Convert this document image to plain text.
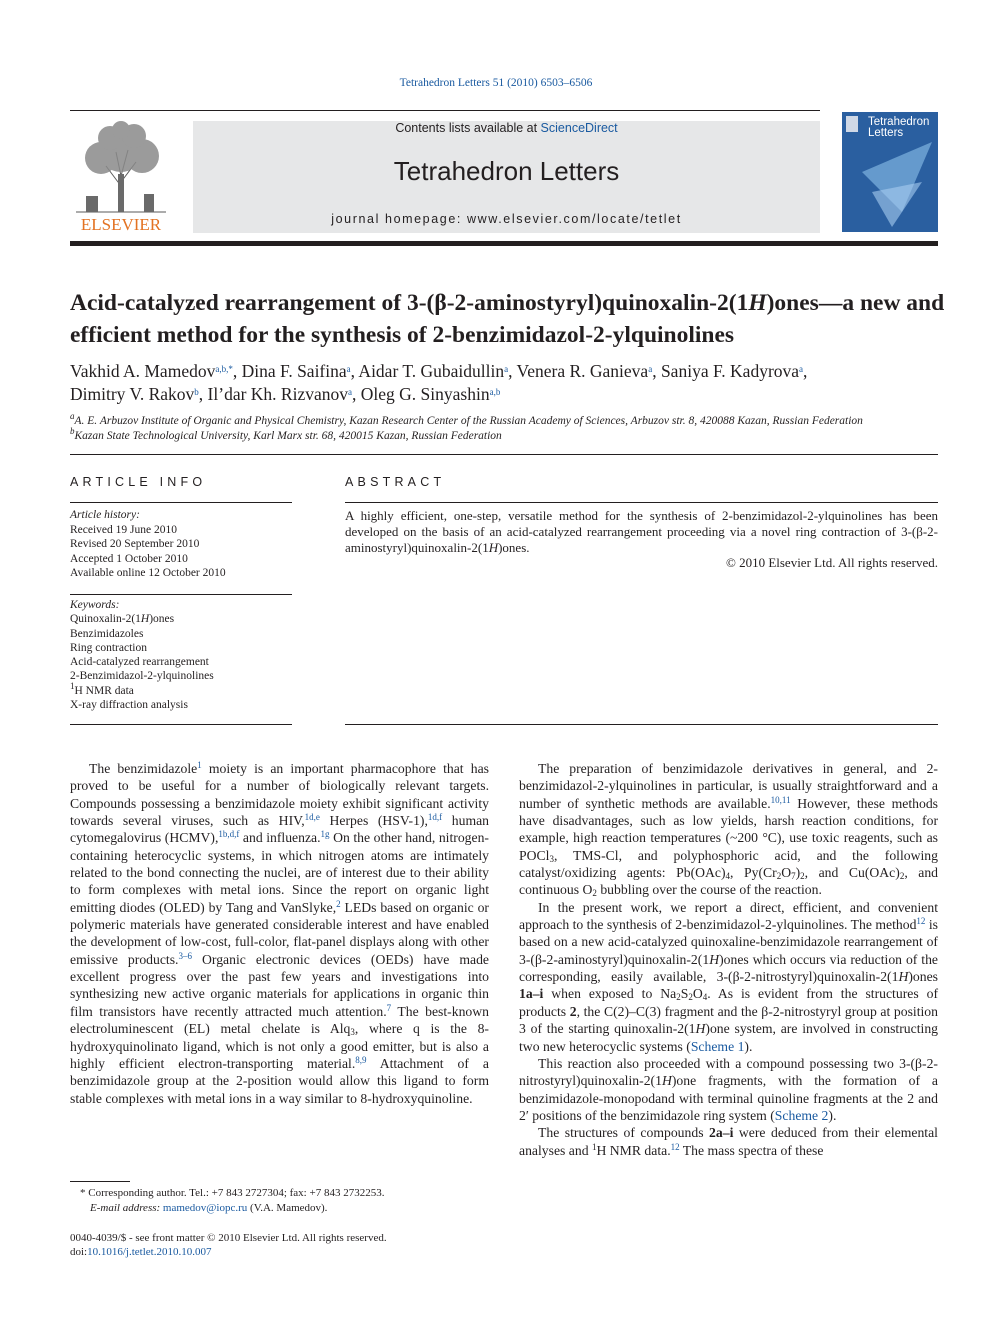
Tetrahedron Letters 51 (2010) 6503–6506
ELSEVIER
Contents lists available at ScienceDirect
Tetrahedron Letters
journal homepage: www.elsevier.com/locate/tetlet
Tetrahedron
Letters
Acid-catalyzed rearrangement of 3-(β-2-aminostyryl)quinoxalin-2(1H)ones—a new and efficient method for the synthesis of 2-benzimidazol-2-ylquinolines
Vakhid A. Mamedov$^{a,b,*}$, Dina F. Saifina$^a$, Aidar T. Gubaidullin$^a$, Venera R. Ganieva$^a$, Saniya F. Kadyrova$^a$,
Dimitry V. Rakov$^b$, Il’dar Kh. Rizvanov$^a$, Oleg G. Sinyashin$^{a,b}$
$^a$A. E. Arbuzov Institute of Organic and Physical Chemistry, Kazan Research Center of the Russian Academy of Sciences, Arbuzov str. 8, 420088 Kazan, Russian Federation
$^b$Kazan State Technological University, Karl Marx str. 68, 420015 Kazan, Russian Federation
ARTICLE INFO	ABSTRACT
Article history:
Received 19 June 2010
Revised 20 September 2010
Accepted 1 October 2010
Available online 12 October 2010
Keywords:
Quinoxalin-2(1H)ones
Benzimidazoles
Ring contraction
Acid-catalyzed rearrangement
2-Benzimidazol-2-ylquinolines
$^1$H NMR data
X-ray diffraction analysis
A highly efficient, one-step, versatile method for the synthesis of 2-benzimidazol-2-ylquinolines has been developed on the basis of an acid-catalyzed rearrangement proceeding via a novel ring contraction of 3-(β-2-aminostyryl)quinoxalin-2(1H)ones.
© 2010 Elsevier Ltd. All rights reserved.

The benzimidazole$^1$ moiety is an important pharmacophore that has proved to be useful for a number of biologically relevant targets. Compounds possessing a benzimidazole moiety exhibit significant activity towards several viruses, such as HIV,$^{1d,e}$ Herpes (HSV-1),$^{1d,f}$ human cytomegalovirus (HCMV),$^{1b,d,f}$ and influenza.$^{1g}$ On the other hand, nitrogen-containing heterocyclic systems, in which nitrogen atoms are intimately related to the bond connecting the nuclei, are of interest due to their ability to form complexes with metal ions. Since the report on organic light emitting diodes (OLED) by Tang and VanSlyke,$^2$ LEDs based on organic or polymeric materials have generated considerable interest and have enabled the development of low-cost, full-color, flat-panel displays along with other emissive products.$^{3-6}$ Organic electronic devices (OEDs) have made excellent progress over the past few years and investigations into synthesizing new active organic materials for applications in organic thin film transistors have recently attracted much attention.$^7$ The best-known electroluminescent (EL) metal chelate is Alq$_3$, where q is the 8-hydroxyquinolinato ligand, which is not only a good emitter, but is also a highly efficient electron-transporting material.$^{8,9}$ Attachment of a benzimidazole group at the 2-position would allow this ligand to form stable complexes with metal ions in a way similar to 8-hydroxyquinoline.

The preparation of benzimidazole derivatives in general, and 2-benzimidazol-2-ylquinolines in particular, is usually straightforward and a number of synthetic methods are available.$^{10,11}$ However, these methods have disadvantages, such as low yields, harsh reaction conditions, for example, high reaction temperatures (~200 °C), use toxic reagents, such as POCl$_3$, TMS-Cl, and polyphosphoric acid, and the following catalyst/oxidizing agents: $Pb(OAc)_4$, $Py(Cr_2O_7)_2$, and $Cu(OAc)_2$, and continuous $O_2$ bubbling over the course of the reaction.

In the present work, we report a direct, efficient, and convenient approach to the synthesis of 2-benzimidazol-2-ylquinolines. The method$^{12}$ is based on a new acid-catalyzed quinoxaline-benzimidazole rearrangement of 3-(β-2-aminostyryl)quinoxalin-2(1H)ones which occurs via reduction of the corresponding, easily available, 3-(β-2-nitrostyryl)quinoxalin-2(1H)ones 1a–i when exposed to $Na_2S_2O_4$. As is evident from the structures of products 2, the C(2)–C(3) fragment and the β-2-nitrostyryl group at position 3 of the starting quinoxalin-2(1H)one system, are involved in constructing two new heterocyclic systems (Scheme 1).

This reaction also proceeded with a compound possessing two 3-(β-2-nitrostyryl)quinoxalin-2(1H)one fragments, with the formation of a benzimidazole-monopodand with terminal quinoline fragments at the 2 and 2′ positions of the benzimidazole ring system (Scheme 2).

The structures of compounds 2a–i were deduced from their elemental analyses and $^1$H NMR data.$^{12}$ The mass spectra of these

* Corresponding author. Tel.: +7 843 2727304; fax: +7 843 2732253.
E-mail address: mamedov@iopc.ru (V.A. Mamedov).
0040-4039/$ - see front matter © 2010 Elsevier Ltd. All rights reserved.
doi:10.1016/j.tetlet.2010.10.007
